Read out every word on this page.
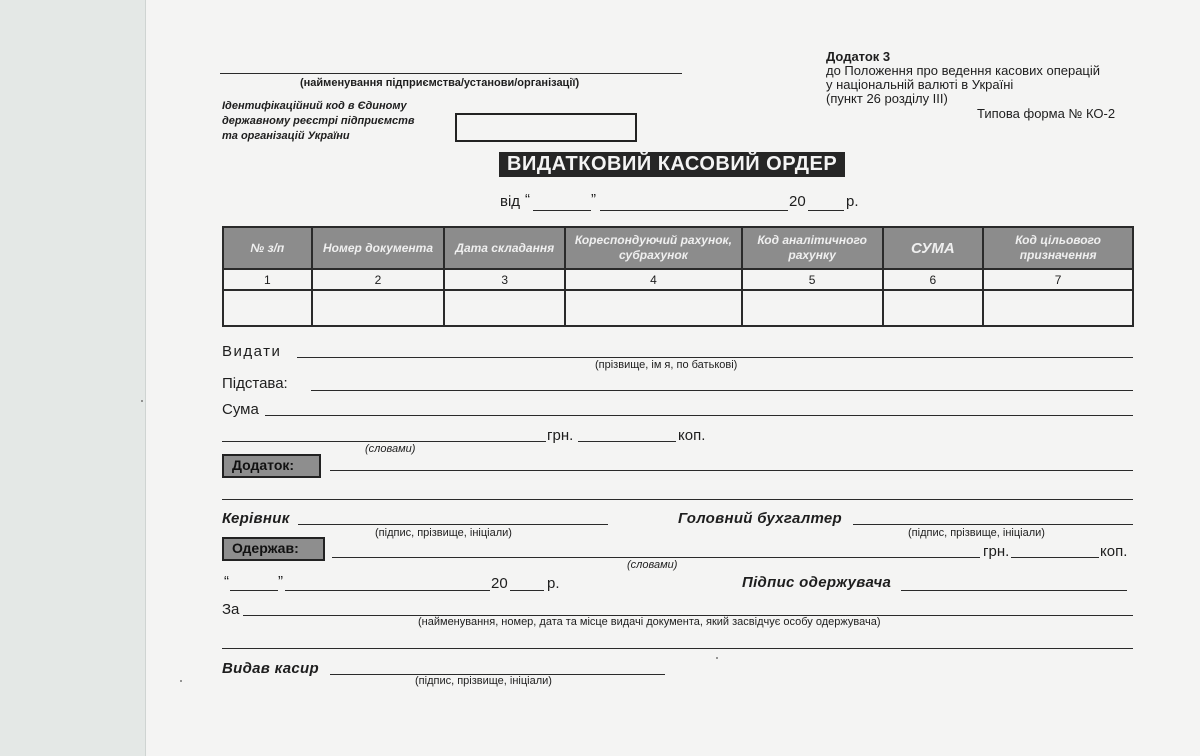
(найменування підприємства/установи/організації)
Ідентифікаційний код в Єдиному
державному реєстрі підприємств
та організацій України
Додаток 3
до Положення про ведення касових операцій
у національній валюті в Україні
(пункт 26 розділу III)
Типова форма № КО-2
ВИДАТКОВИЙ КАСОВИЙ ОРДЕР
від “	”	20	р.
№ з/п	Номер документа	Дата складання	Кореспондуючий рахунок, субрахунок	Код аналітичного рахунку	СУМА	Код цільового призначення
1	2	3	4	5	6	7

Видати
(прізвище, ім я, по батькові)
Підстава:
Сума
грн.	коп.
(словами)
Додаток:
Керівник
(підпис, прізвище, ініціали)
Головний бухгалтер
(підпис, прізвище, ініціали)
Одержав:	грн.	коп.
(словами)
“	”	20	р.	Підпис одержувача
За
(найменування, номер, дата та місце видачі документа, який засвідчує особу одержувача)
Видав касир
(підпис, прізвище, ініціали)
